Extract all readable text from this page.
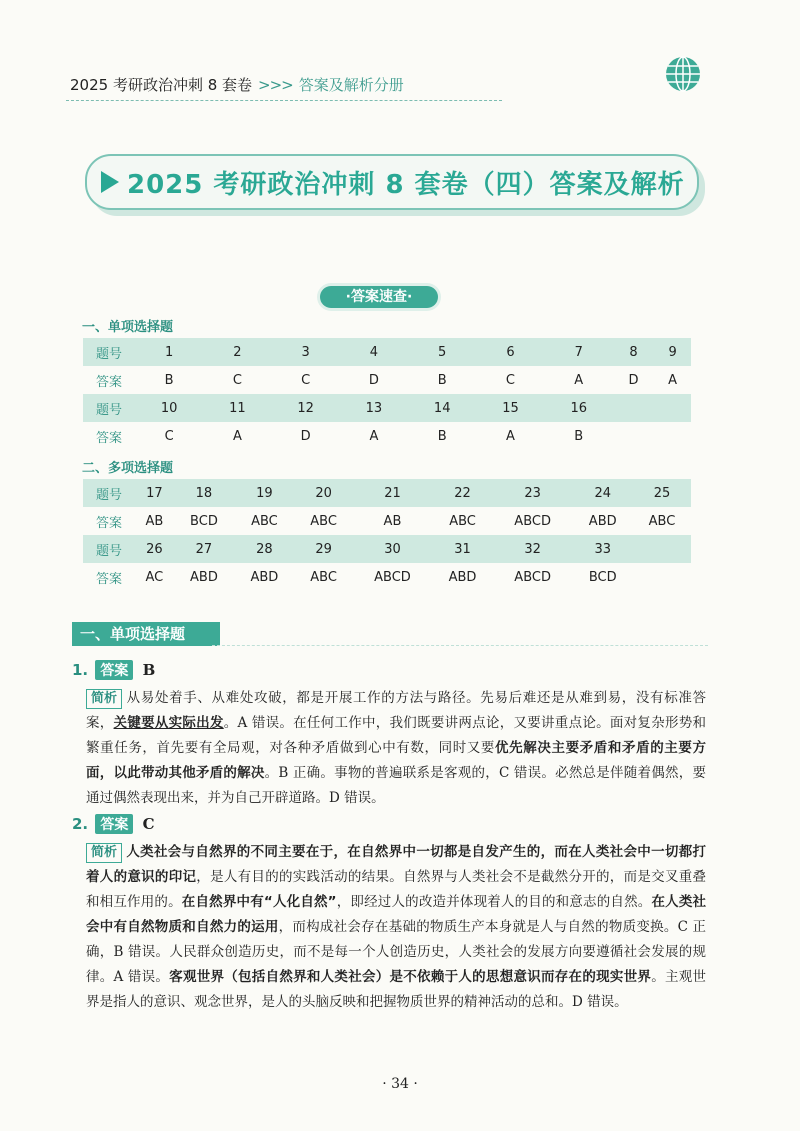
2025 考研政治冲刺 8 套卷 >>> 答案及解析分册
2025 考研政治冲刺 8 套卷（四）答案及解析
·答案速查·
一、单项选择题
题号	1	2	3	4	5	6	7	8	9
答案	B	C	C	D	B	C	A	D	A
题号	10	11	12	13	14	15	16		
答案	C	A	D	A	B	A	B		
二、多项选择题
题号	17	18	19	20	21	22	23	24	25
答案	AB	BCD	ABC	ABC	AB	ABC	ABCD	ABD	ABC
题号	26	27	28	29	30	31	32	33	
答案	AC	ABD	ABD	ABC	ABCD	ABD	ABCD	BCD	
一、单项选择题
1. 答案 B
简析 从易处着手、从难处攻破，都是开展工作的方法与路径。先易后难还是从难到易，没有标准答案，关键要从实际出发。A 错误。在任何工作中，我们既要讲两点论，又要讲重点论。面对复杂形势和繁重任务，首先要有全局观，对各种矛盾做到心中有数，同时又要优先解决主要矛盾和矛盾的主要方面，以此带动其他矛盾的解决。B 正确。事物的普遍联系是客观的，C 错误。必然总是伴随着偶然，要通过偶然表现出来，并为自己开辟道路。D 错误。
2. 答案 C
简析 人类社会与自然界的不同主要在于，在自然界中一切都是自发产生的，而在人类社会中一切都打着人的意识的印记，是人有目的的实践活动的结果。自然界与人类社会不是截然分开的，而是交叉重叠和相互作用的。在自然界中有“人化自然”，即经过人的改造并体现着人的目的和意志的自然。在人类社会中有自然物质和自然力的运用，而构成社会存在基础的物质生产本身就是人与自然的物质变换。C 正确，B 错误。人民群众创造历史，而不是每一个人创造历史，人类社会的发展方向要遵循社会发展的规律。A 错误。客观世界（包括自然界和人类社会）是不依赖于人的思想意识而存在的现实世界。主观世界是指人的意识、观念世界，是人的头脑反映和把握物质世界的精神活动的总和。D 错误。
· 34 ·
